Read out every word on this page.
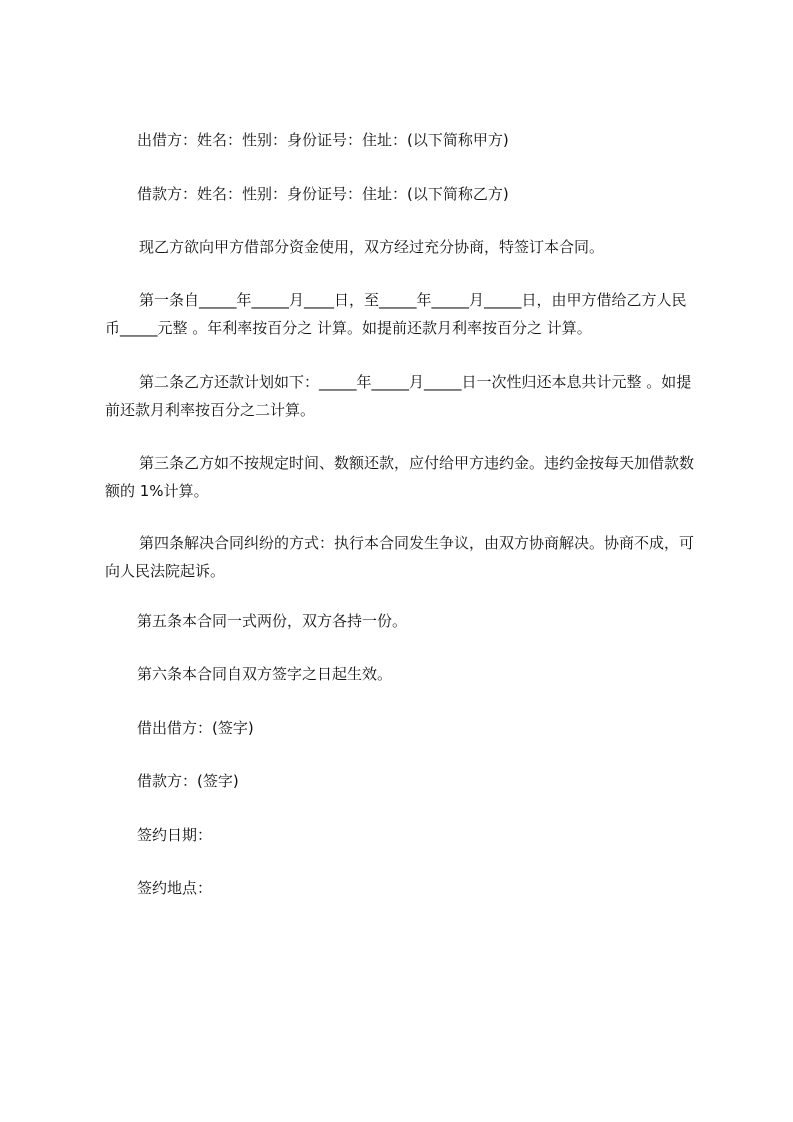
出借方：姓名：性别：身份证号：住址：(以下简称甲方)

借款方：姓名：性别：身份证号：住址：(以下简称乙方)

现乙方欲向甲方借部分资金使用，双方经过充分协商，特签订本合同。

第一条自_____年_____月____日，至_____年_____月_____日，由甲方借给乙方人民币_____元整 。年利率按百分之 计算。如提前还款月利率按百分之 计算。

第二条乙方还款计划如下：_____年_____月_____日一次性归还本息共计元整 。如提前还款月利率按百分之二计算。

第三条乙方如不按规定时间、数额还款，应付给甲方违约金。违约金按每天加借款数额的 1%计算。

第四条解决合同纠纷的方式：执行本合同发生争议，由双方协商解决。协商不成，可向人民法院起诉。

第五条本合同一式两份，双方各持一份。

第六条本合同自双方签字之日起生效。

借出借方：(签字)

借款方：(签字)

签约日期：

签约地点：
